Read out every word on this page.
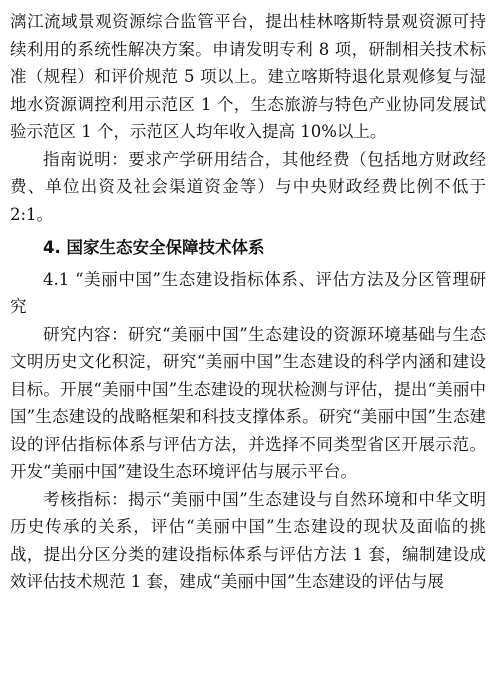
漓江流域景观资源综合监管平台，提出桂林喀斯特景观资源可持续利用的系统性解决方案。申请发明专利 8 项，研制相关技术标准（规程）和评价规范 5 项以上。建立喀斯特退化景观修复与湿地水资源调控利用示范区 1 个，生态旅游与特色产业协同发展试验示范区 1 个，示范区人均年收入提高 10%以上。

指南说明：要求产学研用结合，其他经费（包括地方财政经费、单位出资及社会渠道资金等）与中央财政经费比例不低于 2:1。

4. 国家生态安全保障技术体系

4.1 “美丽中国”生态建设指标体系、评估方法及分区管理研究

研究内容：研究“美丽中国”生态建设的资源环境基础与生态文明历史文化积淀，研究“美丽中国”生态建设的科学内涵和建设目标。开展“美丽中国”生态建设的现状检测与评估，提出“美丽中国”生态建设的战略框架和科技支撑体系。研究“美丽中国”生态建设的评估指标体系与评估方法，并选择不同类型省区开展示范。开发“美丽中国”建设生态环境评估与展示平台。

考核指标：揭示“美丽中国”生态建设与自然环境和中华文明历史传承的关系，评估“美丽中国”生态建设的现状及面临的挑战，提出分区分类的建设指标体系与评估方法 1 套，编制建设成效评估技术规范 1 套，建成“美丽中国”生态建设的评估与展
